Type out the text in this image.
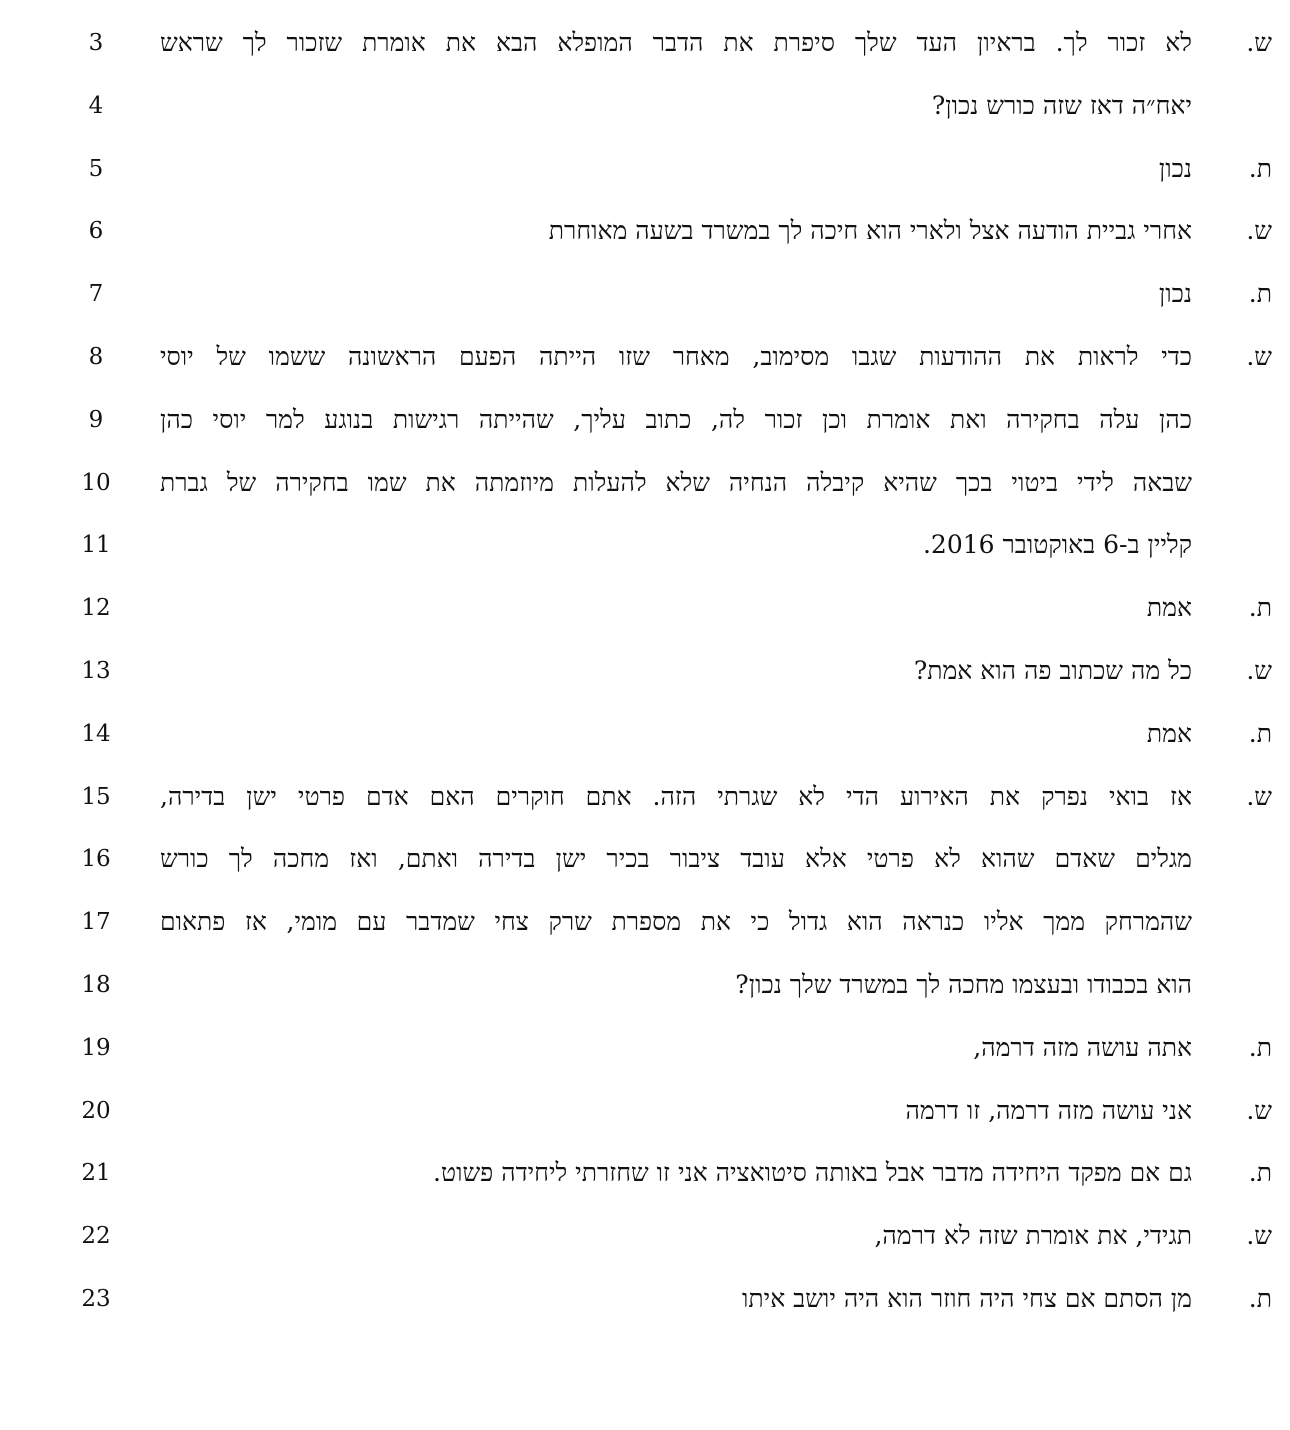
3	לא זכור לך. בראיון העד שלך סיפרת את הדבר המופלא הבא את אומרת שזכור לך שראש	ש.
4	יאח״ה דאז שזה כורש נכון?
5	נכון	ת.
6	אחרי גביית הודעה אצל ולארי הוא חיכה לך במשרד בשעה מאוחרת	ש.
7	נכון	ת.
8	כדי לראות את ההודעות שגבו מסימוב, מאחר שזו הייתה הפעם הראשונה ששמו של יוסי	ש.
9	כהן עלה בחקירה ואת אומרת וכן זכור לה, כתוב עליך, שהייתה רגישות בנוגע למר יוסי כהן
10	שבאה לידי ביטוי בכך שהיא קיבלה הנחיה שלא להעלות מיוזמתה את שמו בחקירה של גברת
11	קליין ב-6 באוקטובר 2016.
12	אמת	ת.
13	כל מה שכתוב פה הוא אמת?	ש.
14	אמת	ת.
15	אז בואי נפרק את האירוע הדי לא שגרתי הזה. אתם חוקרים האם אדם פרטי ישן בדירה,	ש.
16	מגלים שאדם שהוא לא פרטי אלא עובד ציבור בכיר ישן בדירה ואתם, ואז מחכה לך כורש
17	שהמרחק ממך אליו כנראה הוא גדול כי את מספרת שרק צחי שמדבר עם מומי, אז פתאום
18	הוא בכבודו ובעצמו מחכה לך במשרד שלך נכון?
19	אתה עושה מזה דרמה,	ת.
20	אני עושה מזה דרמה, זו דרמה	ש.
21	גם אם מפקד היחידה מדבר אבל באותה סיטואציה אני זו שחזרתי ליחידה פשוט.	ת.
22	תגידי, את אומרת שזה לא דרמה,	ש.
23	מן הסתם אם צחי היה חוזר הוא היה יושב איתו	ת.
